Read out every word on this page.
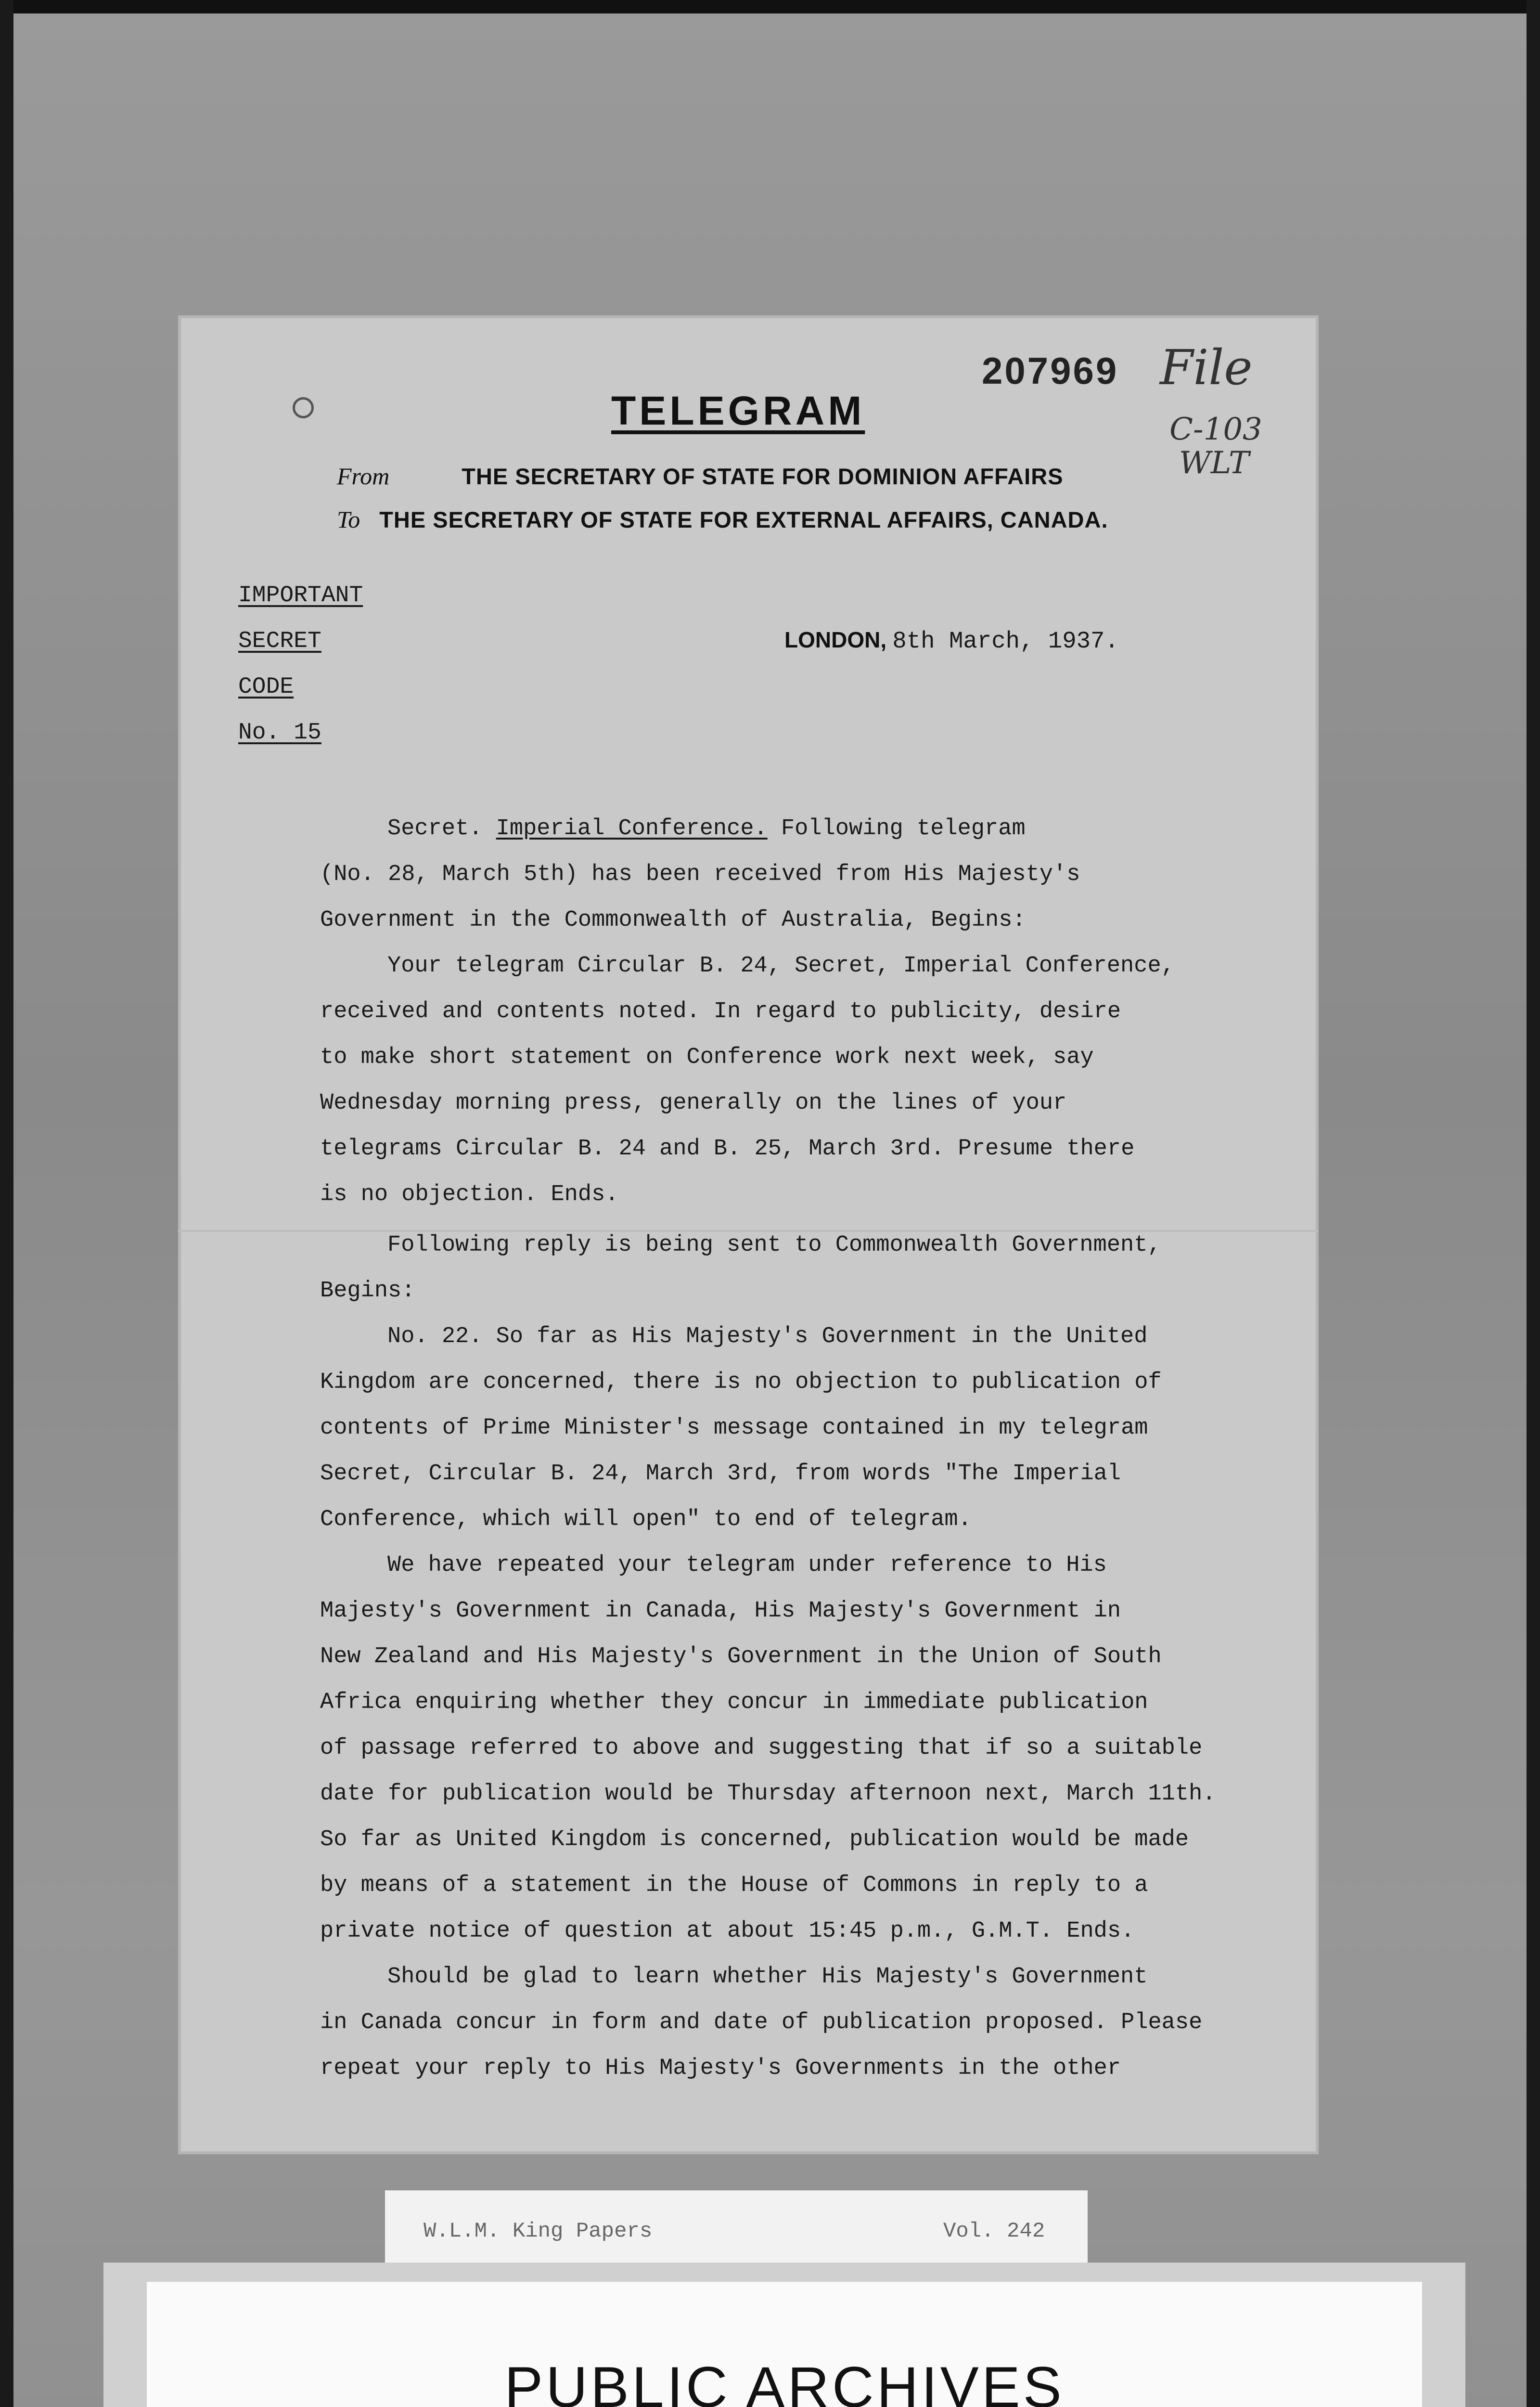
207969 File
C-103
WLT
TELEGRAM
From	THE SECRETARY OF STATE FOR DOMINION AFFAIRS
To THE SECRETARY OF STATE FOR EXTERNAL AFFAIRS, CANADA.
IMPORTANT
SECRET
CODE
No. 15
LONDON, 8th March, 1937.
Secret. Imperial Conference. Following telegram
(No. 28, March 5th) has been received from His Majesty's
Government in the Commonwealth of Australia, Begins:
Your telegram Circular B. 24, Secret, Imperial Conference,
received and contents noted. In regard to publicity, desire
to make short statement on Conference work next week, say
Wednesday morning press, generally on the lines of your
telegrams Circular B. 24 and B. 25, March 3rd. Presume there
is no objection. Ends.
Following reply is being sent to Commonwealth Government,
Begins:
No. 22. So far as His Majesty's Government in the United
Kingdom are concerned, there is no objection to publication of
contents of Prime Minister's message contained in my telegram
Secret, Circular B. 24, March 3rd, from words "The Imperial
Conference, which will open" to end of telegram.
We have repeated your telegram under reference to His
Majesty's Government in Canada, His Majesty's Government in
New Zealand and His Majesty's Government in the Union of South
Africa enquiring whether they concur in immediate publication
of passage referred to above and suggesting that if so a suitable
date for publication would be Thursday afternoon next, March 11th.
So far as United Kingdom is concerned, publication would be made
by means of a statement in the House of Commons in reply to a
private notice of question at about 15:45 p.m., G.M.T. Ends.
Should be glad to learn whether His Majesty's Government
in Canada concur in form and date of publication proposed. Please
repeat your reply to His Majesty's Governments in the other
W.L.M. King Papers	Vol. 242
PUBLIC ARCHIVES
